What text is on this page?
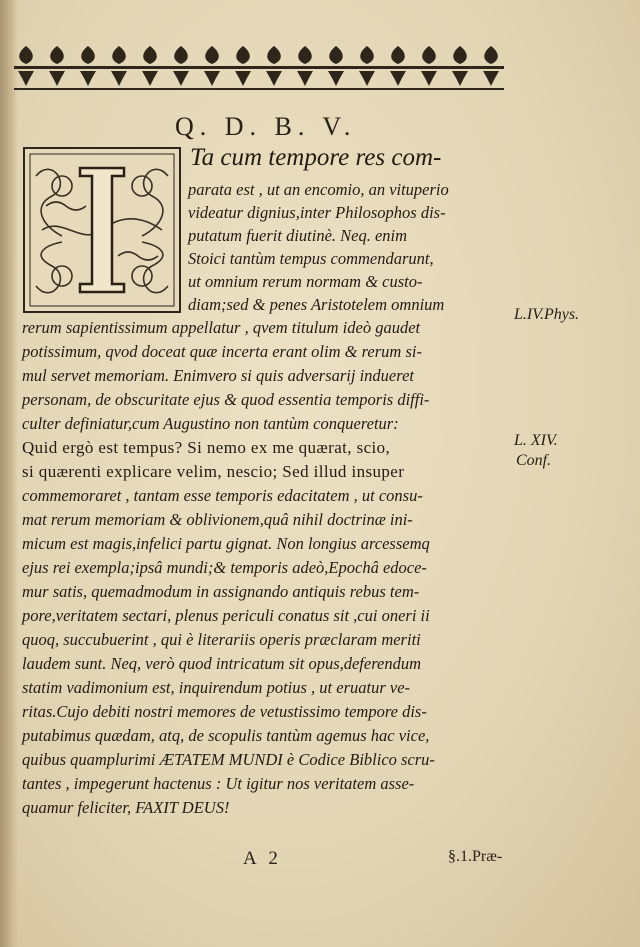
Q. D. B. V.
Ta cum tempore res com-
parata est , ut an encomio, an vituperio
videatur dignius,inter Philosophos dis-
putatum fuerit diutinè. Neq. enim
Stoici tantùm tempus commendarunt,
ut omnium rerum normam & custo-
diam;sed & penes Aristotelem omnium
rerum sapientissimum appellatur , qvem titulum ideò gaudet
potissimum, qvod doceat quæ incerta erant olim & rerum si-
mul servet memoriam. Enimvero si quis adversarij indueret
personam, de obscuritate ejus & quod essentia temporis diffi-
culter definiatur,cum Augustino non tantùm conqueretur:
Quid ergò est tempus? Si nemo ex me quærat, scio,
si quærenti explicare velim, nescio; Sed illud insuper
commemoraret , tantam esse temporis edacitatem , ut consu-
mat rerum memoriam & oblivionem,quâ nihil doctrinæ ini-
micum est magis,infelici partu gignat. Non longius arcessemq
ejus rei exempla;ipsâ mundi;& temporis adeò,Epochâ edoce-
mur satis, quemadmodum in assignando antiquis rebus tem-
pore,veritatem sectari, plenus periculi conatus sit ,cui oneri ii
quoq, succubuerint , qui è literariis operis præclaram meriti
laudem sunt. Neq, verò quod intricatum sit opus,deferendum
statim vadimonium est, inquirendum potius , ut eruatur ve-
ritas.Cujo debiti nostri memores de vetustissimo tempore dis-
putabimus quædam, atq, de scopulis tantùm agemus hac vice,
quibus quamplurimi ÆTATEM MUNDI è Codice Biblico scru-
tantes , impegerunt hactenus : Ut igitur nos veritatem asse-
quamur feliciter, FAXIT DEUS!
L.IV.Phys.
L. XIV.
Conf.
A 2	§.1.Præ-
